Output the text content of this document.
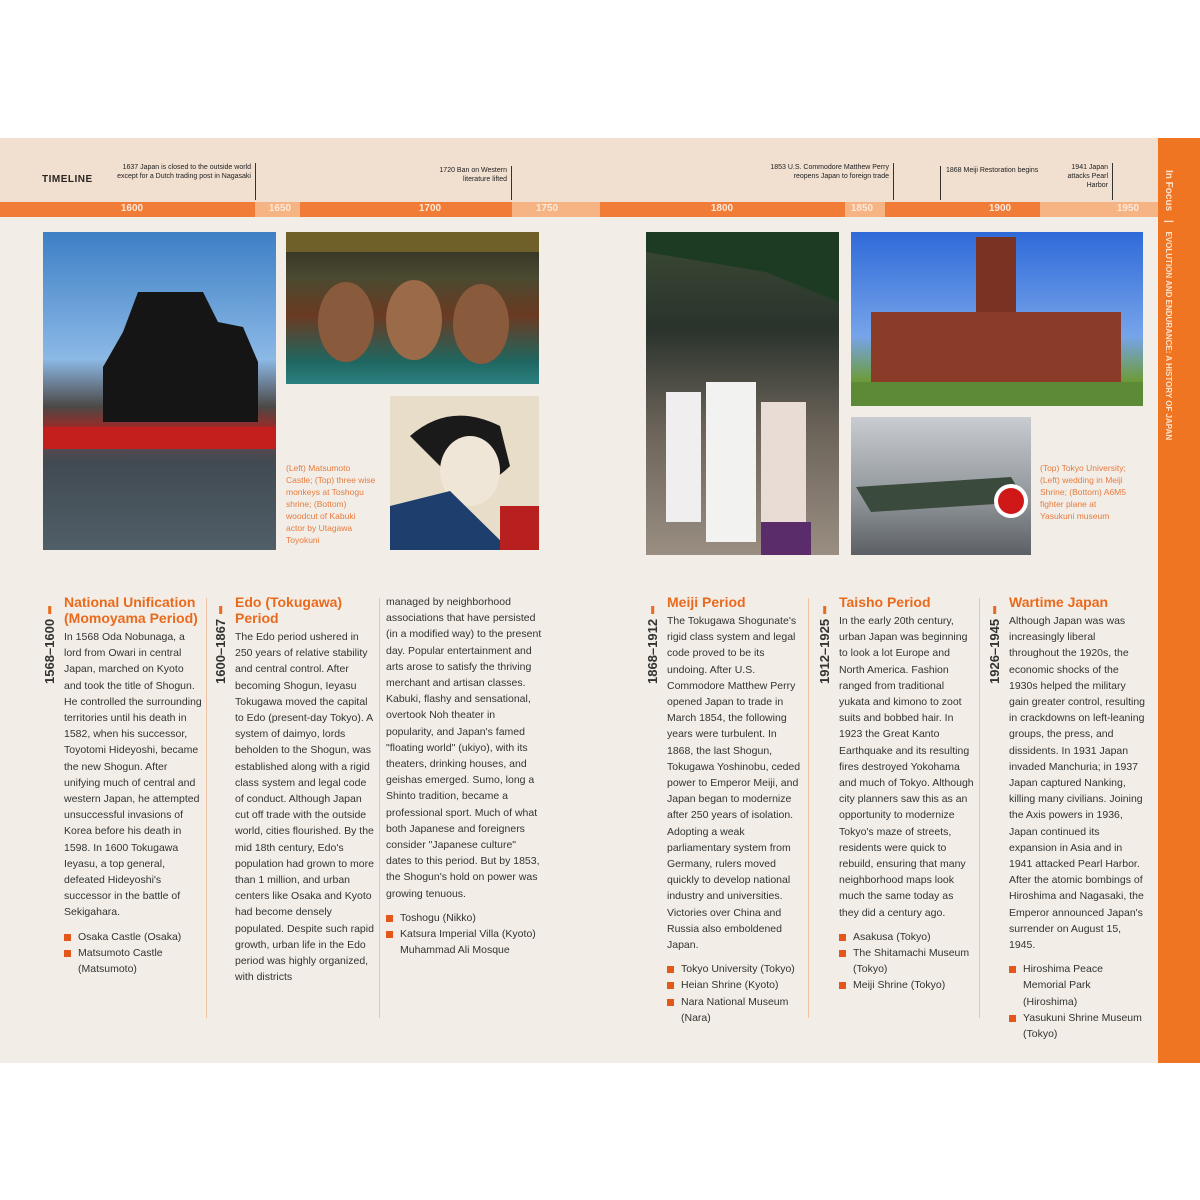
TIMELINE
1637 Japan is closed to the outside world except for a Dutch trading post in Nagasaki
1720 Ban on Western literature lifted
1853 U.S. Commodore Matthew Perry reopens Japan to foreign trade
1868 Meiji Restoration begins	1941 Japan attacks Pearl Harbor
1600	1650	1700	1750	1800	1850	1900	1950	In Focus | EVOLUTION AND ENDURANCE: A HISTORY OF JAPAN
(Left) Matsumoto Castle; (Top) three wise monkeys at Toshogu shrine; (Bottom) woodcut of Kabuki actor by Utagawa Toyokuni
(Top) Tokyo University; (Left) wedding in Meiji Shrine; (Bottom) A6M5 fighter plane at Yasukuni museum
1568–1600
National Unification (Momoyama Period)

In 1568 Oda Nobunaga, a lord from Owari in central Japan, marched on Kyoto and took the title of Shogun. He controlled the surrounding territories until his death in 1582, when his successor, Toyotomi Hideyoshi, became the new Shogun. After unifying much of central and western Japan, he attempted unsuccessful invasions of Korea before his death in 1598. In 1600 Tokugawa Ieyasu, a top general, defeated Hideyoshi's successor in the battle of Sekigahara.

Osaka Castle (Osaka)
Matsumoto Castle (Matsumoto)
1600–1867
Edo (Tokugawa) Period

The Edo period ushered in 250 years of relative stability and central control. After becoming Shogun, Ieyasu Tokugawa moved the capital to Edo (present-day Tokyo). A system of daimyo, lords beholden to the Shogun, was established along with a rigid class system and legal code of conduct. Although Japan cut off trade with the outside world, cities flourished. By the mid 18th century, Edo's population had grown to more than 1 million, and urban centers like Osaka and Kyoto had become densely populated. Despite such rapid growth, urban life in the Edo period was highly organized, with districts

managed by neighborhood associations that have persisted (in a modified way) to the present day. Popular entertainment and arts arose to satisfy the thriving merchant and artisan classes. Kabuki, flashy and sensational, overtook Noh theater in popularity, and Japan's famed "floating world" (ukiyo), with its theaters, drinking houses, and geishas emerged. Sumo, long a Shinto tradition, became a professional sport. Much of what both Japanese and foreigners consider "Japanese culture" dates to this period. But by 1853, the Shogun's hold on power was growing tenuous.

Toshogu (Nikko)
Katsura Imperial Villa (Kyoto) Muhammad Ali Mosque
1868–1912
Meiji Period

The Tokugawa Shogunate's rigid class system and legal code proved to be its undoing. After U.S. Commodore Matthew Perry opened Japan to trade in March 1854, the following years were turbulent. In 1868, the last Shogun, Tokugawa Yoshinobu, ceded power to Emperor Meiji, and Japan began to modernize after 250 years of isolation. Adopting a weak parliamentary system from Germany, rulers moved quickly to develop national industry and universities. Victories over China and Russia also emboldened Japan.

Tokyo University (Tokyo)
Heian Shrine (Kyoto)
Nara National Museum (Nara)
1912–1925
Taisho Period

In the early 20th century, urban Japan was beginning to look a lot Europe and North America. Fashion ranged from traditional yukata and kimono to zoot suits and bobbed hair. In 1923 the Great Kanto Earthquake and its resulting fires destroyed Yokohama and much of Tokyo. Although city planners saw this as an opportunity to modernize Tokyo's maze of streets, residents were quick to rebuild, ensuring that many neighborhood maps look much the same today as they did a century ago.

Asakusa (Tokyo)
The Shitamachi Museum (Tokyo)
Meiji Shrine (Tokyo)
1926–1945
Wartime Japan

Although Japan was was increasingly liberal throughout the 1920s, the economic shocks of the 1930s helped the military gain greater control, resulting in crackdowns on left-leaning groups, the press, and dissidents. In 1931 Japan invaded Manchuria; in 1937 Japan captured Nanking, killing many civilians. Joining the Axis powers in 1936, Japan continued its expansion in Asia and in 1941 attacked Pearl Harbor. After the atomic bombings of Hiroshima and Nagasaki, the Emperor announced Japan's surrender on August 15, 1945.

Hiroshima Peace Memorial Park (Hiroshima)
Yasukuni Shrine Museum (Tokyo)
